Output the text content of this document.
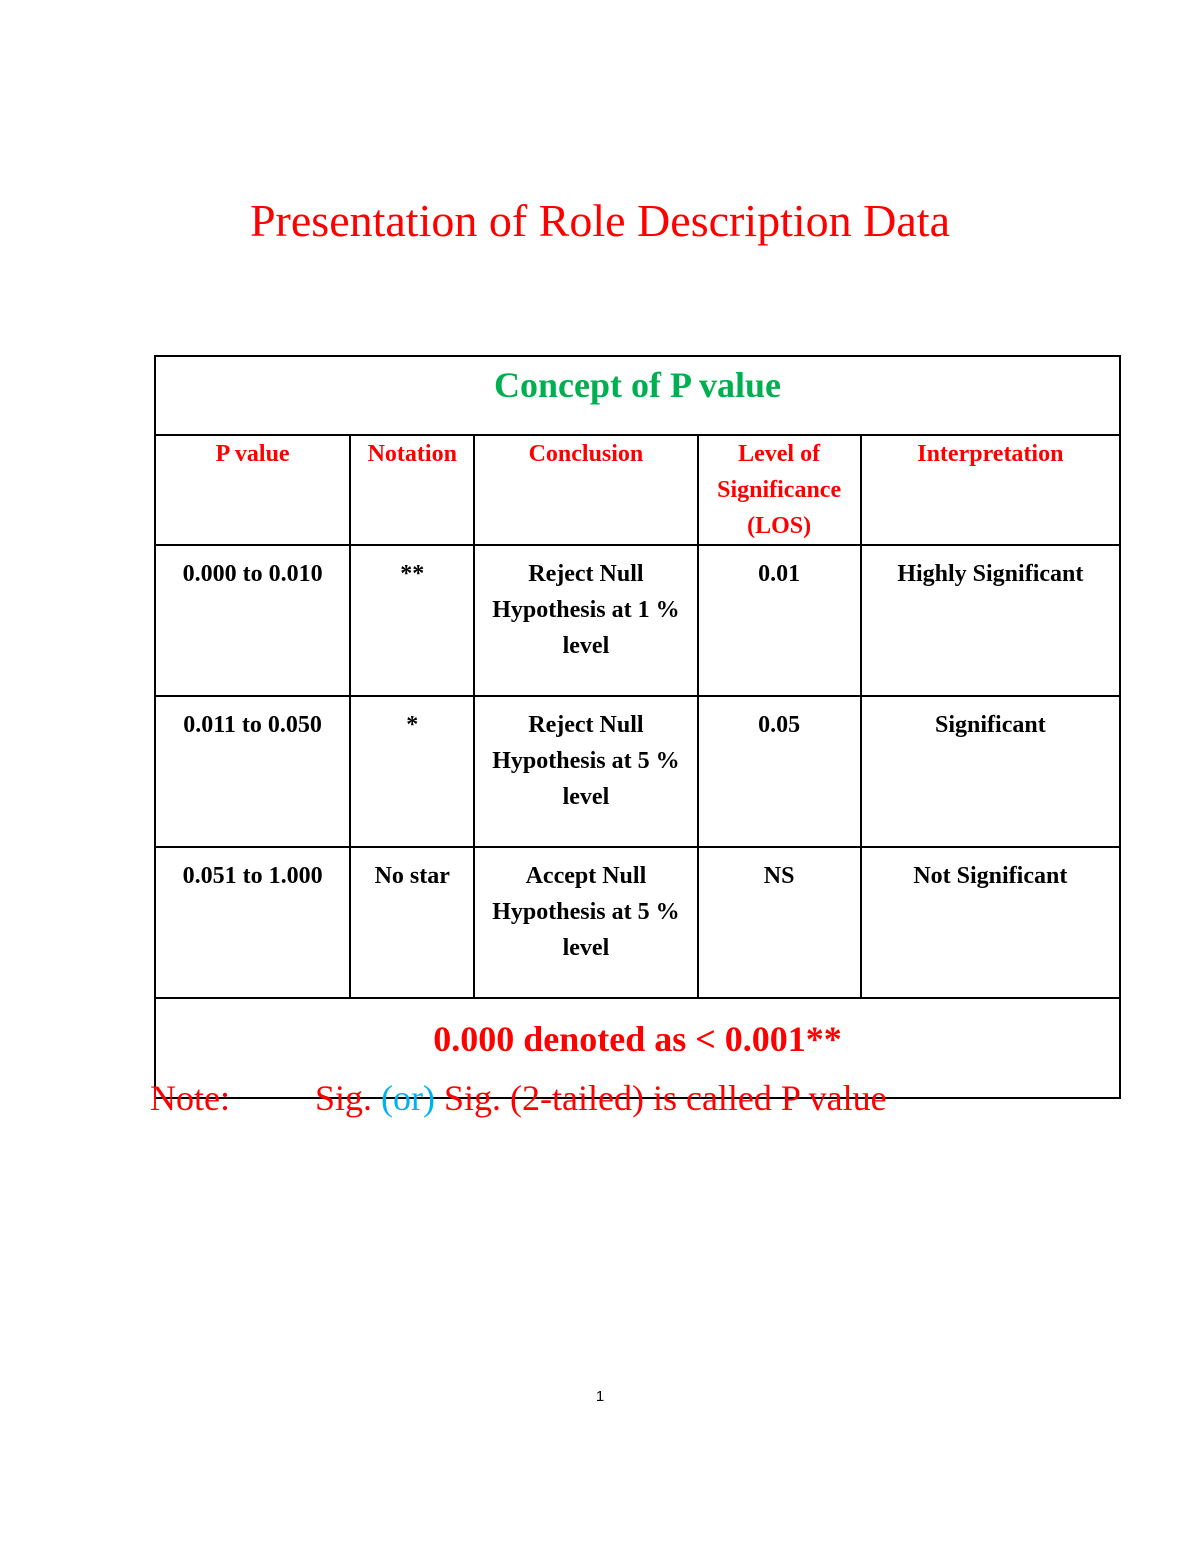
Presentation of Role Description Data
Concept of P value				

P value	Notation	Conclusion	Level of Significance (LOS)	Interpretation

0.000 to 0.010	**	Reject Null Hypothesis at 1 % level	0.01	Highly Significant
0.011 to 0.050	*	Reject Null Hypothesis at 5 % level	0.05	Significant
0.051 to 1.000	No star	Accept Null Hypothesis at 5 % level	NS	Not Significant
0.000 denoted as < 0.001**				
Note: Sig. (or) Sig. (2-tailed) is called P value
1
